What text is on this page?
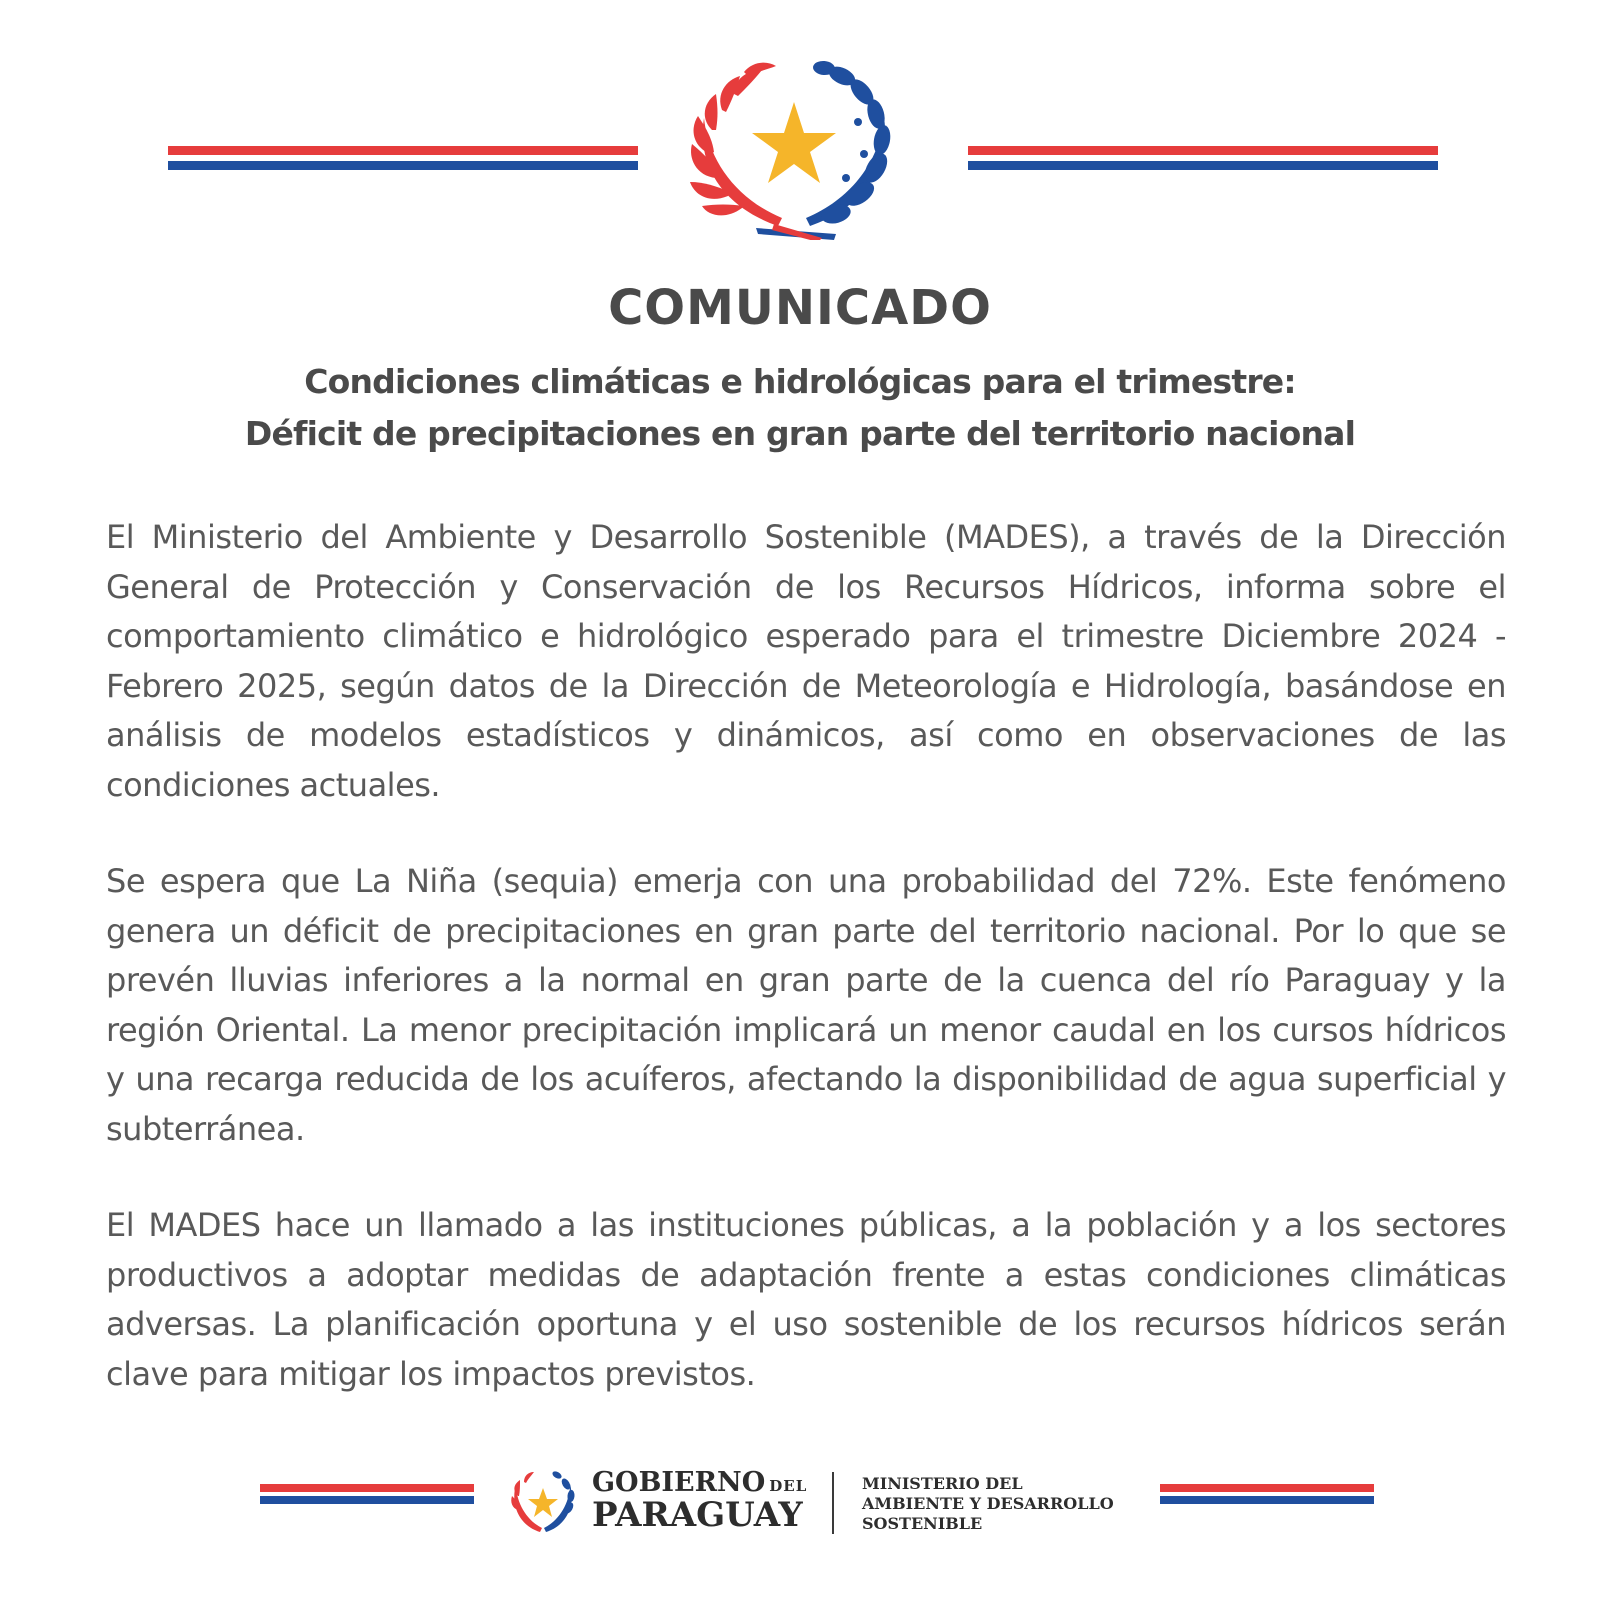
COMUNICADO
Condiciones climáticas e hidrológicas para el trimestre:
Déficit de precipitaciones en gran parte del territorio nacional

El Ministerio del Ambiente y Desarrollo Sostenible (MADES), a través de la Dirección General de Protección y Conservación de los Recursos Hídricos, informa sobre el comportamiento climático e hidrológico esperado para el trimestre Diciembre 2024 - Febrero 2025, según datos de la Dirección de Meteorología e Hidrología, basándose en análisis de modelos estadísticos y dinámicos, así como en observaciones de las condiciones actuales.

Se espera que La Niña (sequia) emerja con una probabilidad del 72%. Este fenómeno genera un déficit de precipitaciones en gran parte del territorio nacional. Por lo que se prevén lluvias inferiores a la normal en gran parte de la cuenca del río Paraguay y la región Oriental. La menor precipitación implicará un menor caudal en los cursos hídricos y una recarga reducida de los acuíferos, afectando la disponibilidad de agua superficial y subterránea.

El MADES hace un llamado a las instituciones públicas, a la población y a los sectores productivos a adoptar medidas de adaptación frente a estas condiciones climáticas adversas. La planificación oportuna y el uso sostenible de los recursos hídricos serán clave para mitigar los impactos previstos.

GOBIERNO DEL
PARAGUAY
MINISTERIO DEL
AMBIENTE Y DESARROLLO
SOSTENIBLE
